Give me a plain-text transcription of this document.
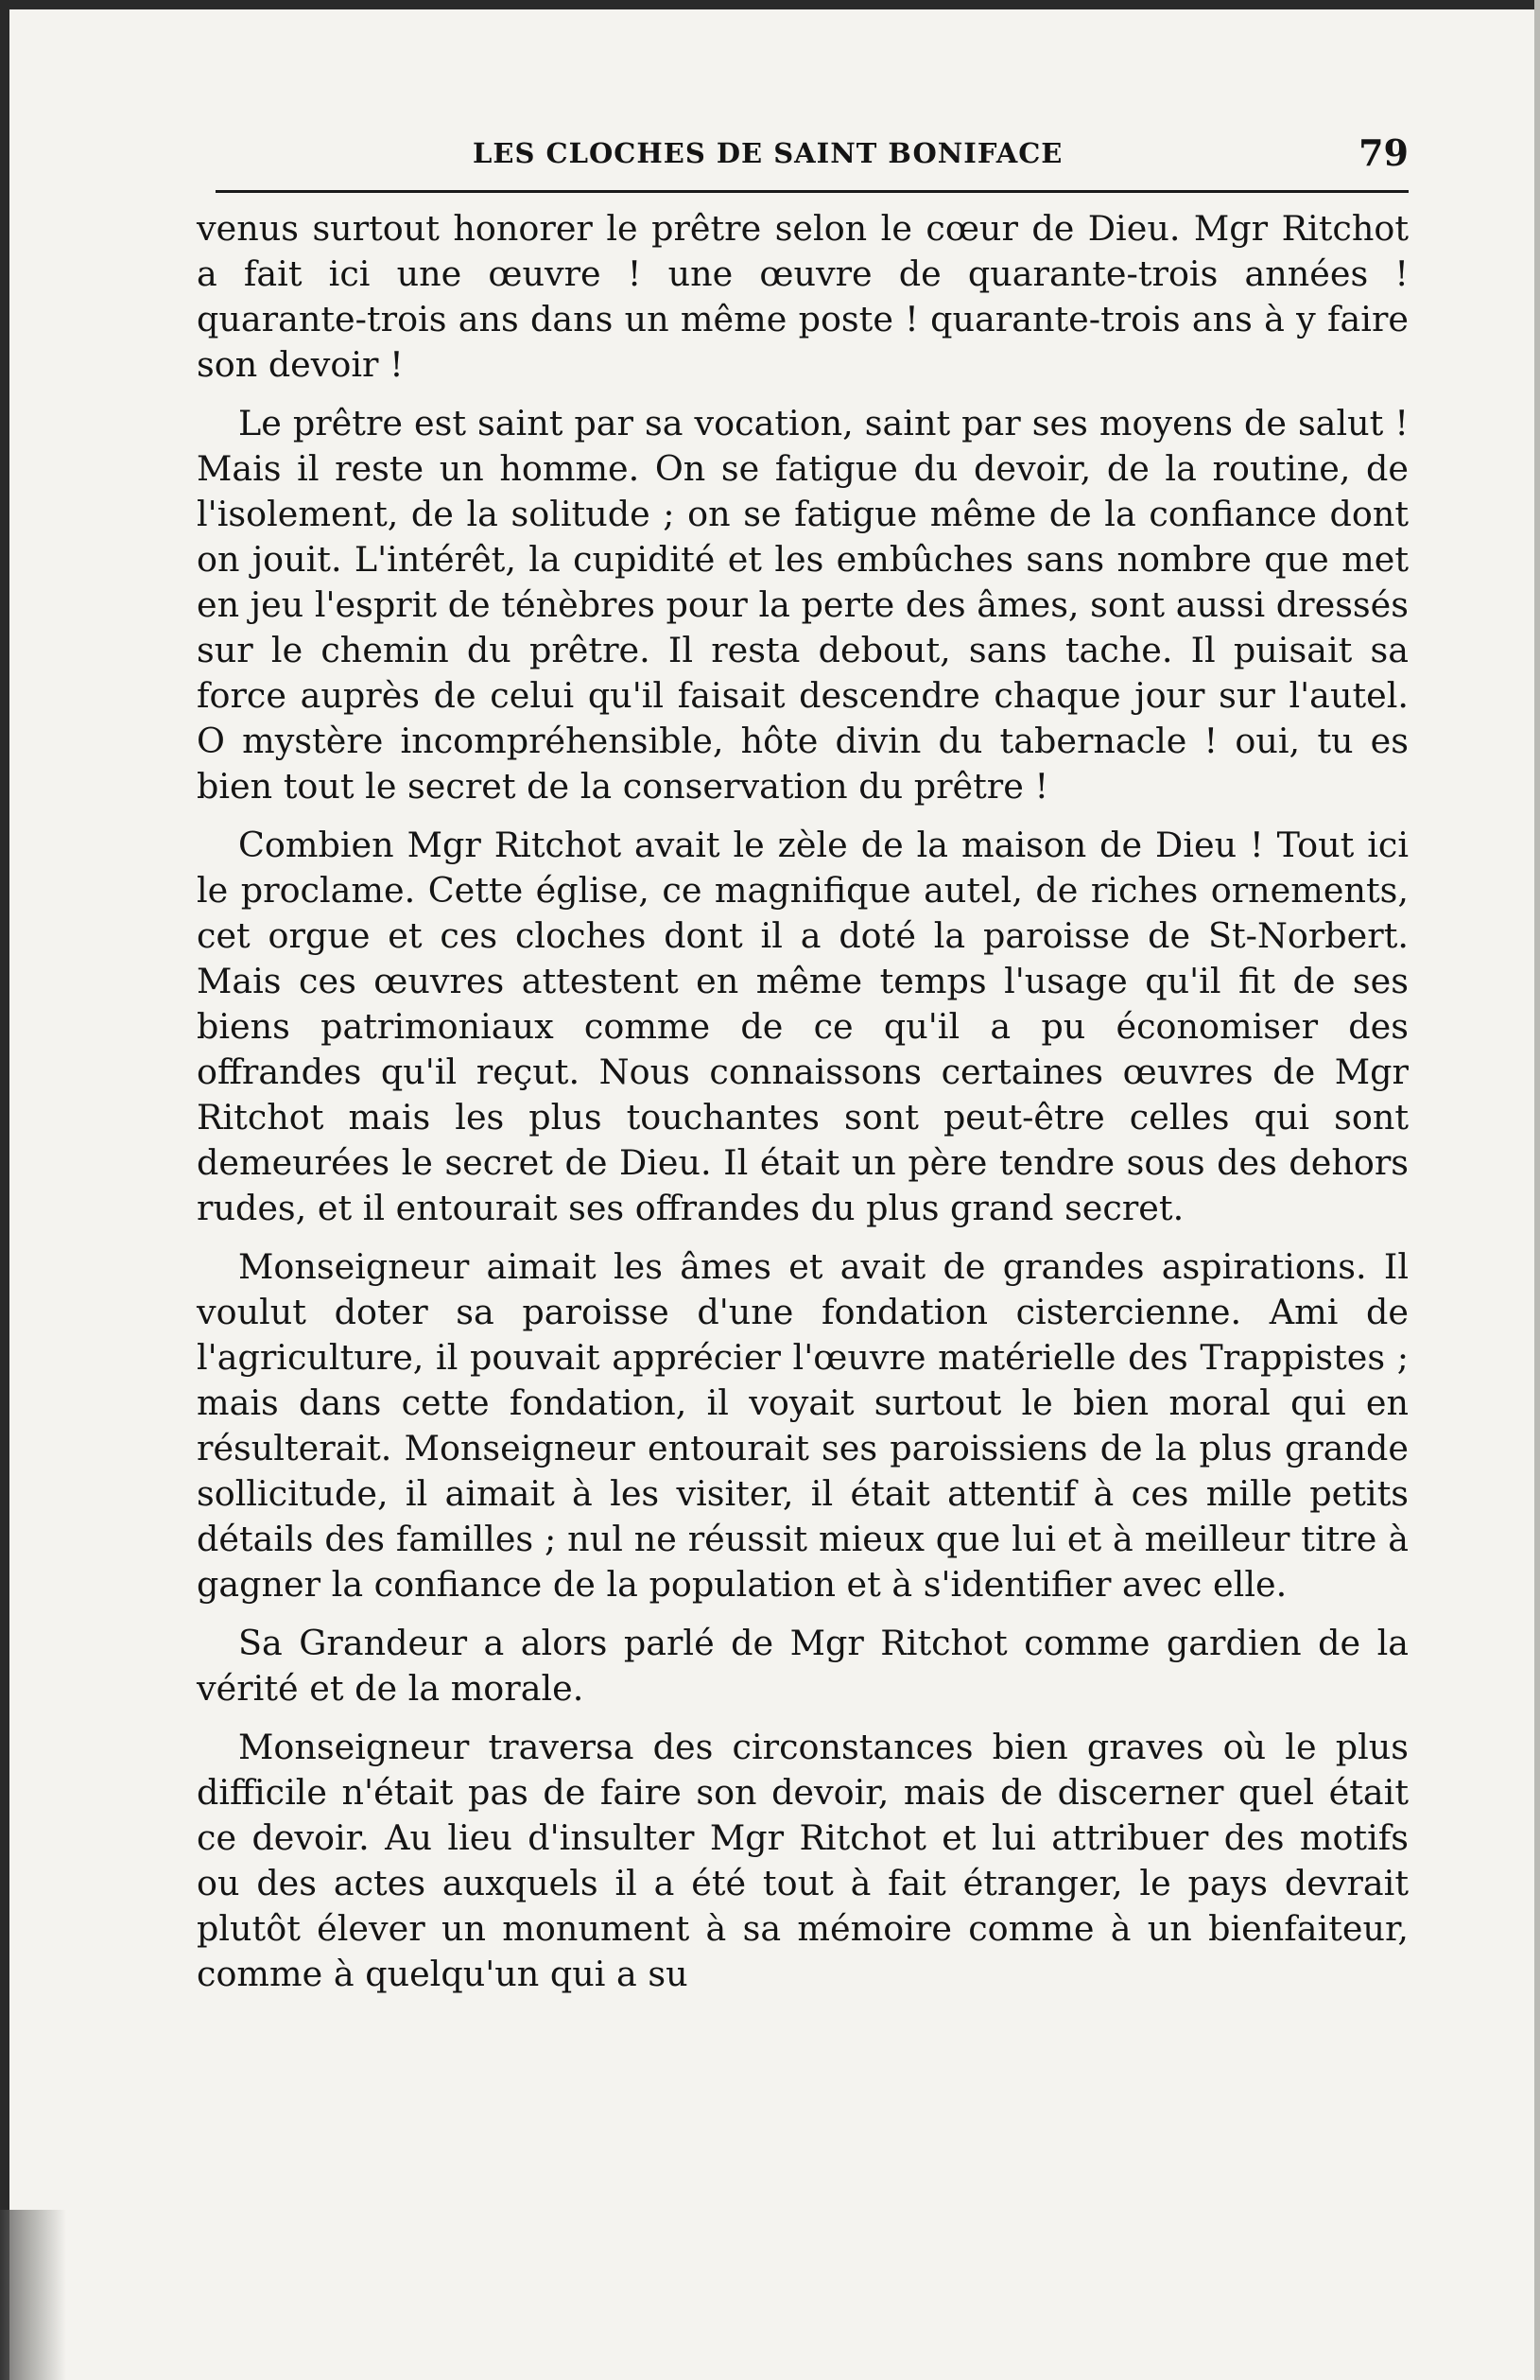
LES CLOCHES DE SAINT BONIFACE	79

venus surtout honorer le prêtre selon le cœur de Dieu. Mgr Ritchot a fait ici une œuvre ! une œuvre de quarante-trois années ! quarante-trois ans dans un même poste ! quarante-trois ans à y faire son devoir !

Le prêtre est saint par sa vocation, saint par ses moyens de salut ! Mais il reste un homme. On se fatigue du devoir, de la routine, de l'isolement, de la solitude ; on se fatigue même de la confiance dont on jouit. L'intérêt, la cupidité et les embûches sans nombre que met en jeu l'esprit de ténèbres pour la perte des âmes, sont aussi dressés sur le chemin du prêtre. Il resta debout, sans tache. Il puisait sa force auprès de celui qu'il faisait descendre chaque jour sur l'autel. O mystère incompréhensible, hôte divin du tabernacle ! oui, tu es bien tout le secret de la conservation du prêtre !

Combien Mgr Ritchot avait le zèle de la maison de Dieu ! Tout ici le proclame. Cette église, ce magnifique autel, de riches ornements, cet orgue et ces cloches dont il a doté la paroisse de St-Norbert. Mais ces œuvres attestent en même temps l'usage qu'il fit de ses biens patrimoniaux comme de ce qu'il a pu économiser des offrandes qu'il reçut. Nous connaissons certaines œuvres de Mgr Ritchot mais les plus touchantes sont peut-être celles qui sont demeurées le secret de Dieu. Il était un père tendre sous des dehors rudes, et il entourait ses offrandes du plus grand secret.

Monseigneur aimait les âmes et avait de grandes aspirations. Il voulut doter sa paroisse d'une fondation cistercienne. Ami de l'agriculture, il pouvait apprécier l'œuvre matérielle des Trappistes ; mais dans cette fondation, il voyait surtout le bien moral qui en résulterait. Monseigneur entourait ses paroissiens de la plus grande sollicitude, il aimait à les visiter, il était attentif à ces mille petits détails des familles ; nul ne réussit mieux que lui et à meilleur titre à gagner la confiance de la population et à s'identifier avec elle.

Sa Grandeur a alors parlé de Mgr Ritchot comme gardien de la vérité et de la morale.

Monseigneur traversa des circonstances bien graves où le plus difficile n'était pas de faire son devoir, mais de discerner quel était ce devoir. Au lieu d'insulter Mgr Ritchot et lui attribuer des motifs ou des actes auxquels il a été tout à fait étranger, le pays devrait plutôt élever un monument à sa mémoire comme à un bienfaiteur, comme à quelqu'un qui a su
